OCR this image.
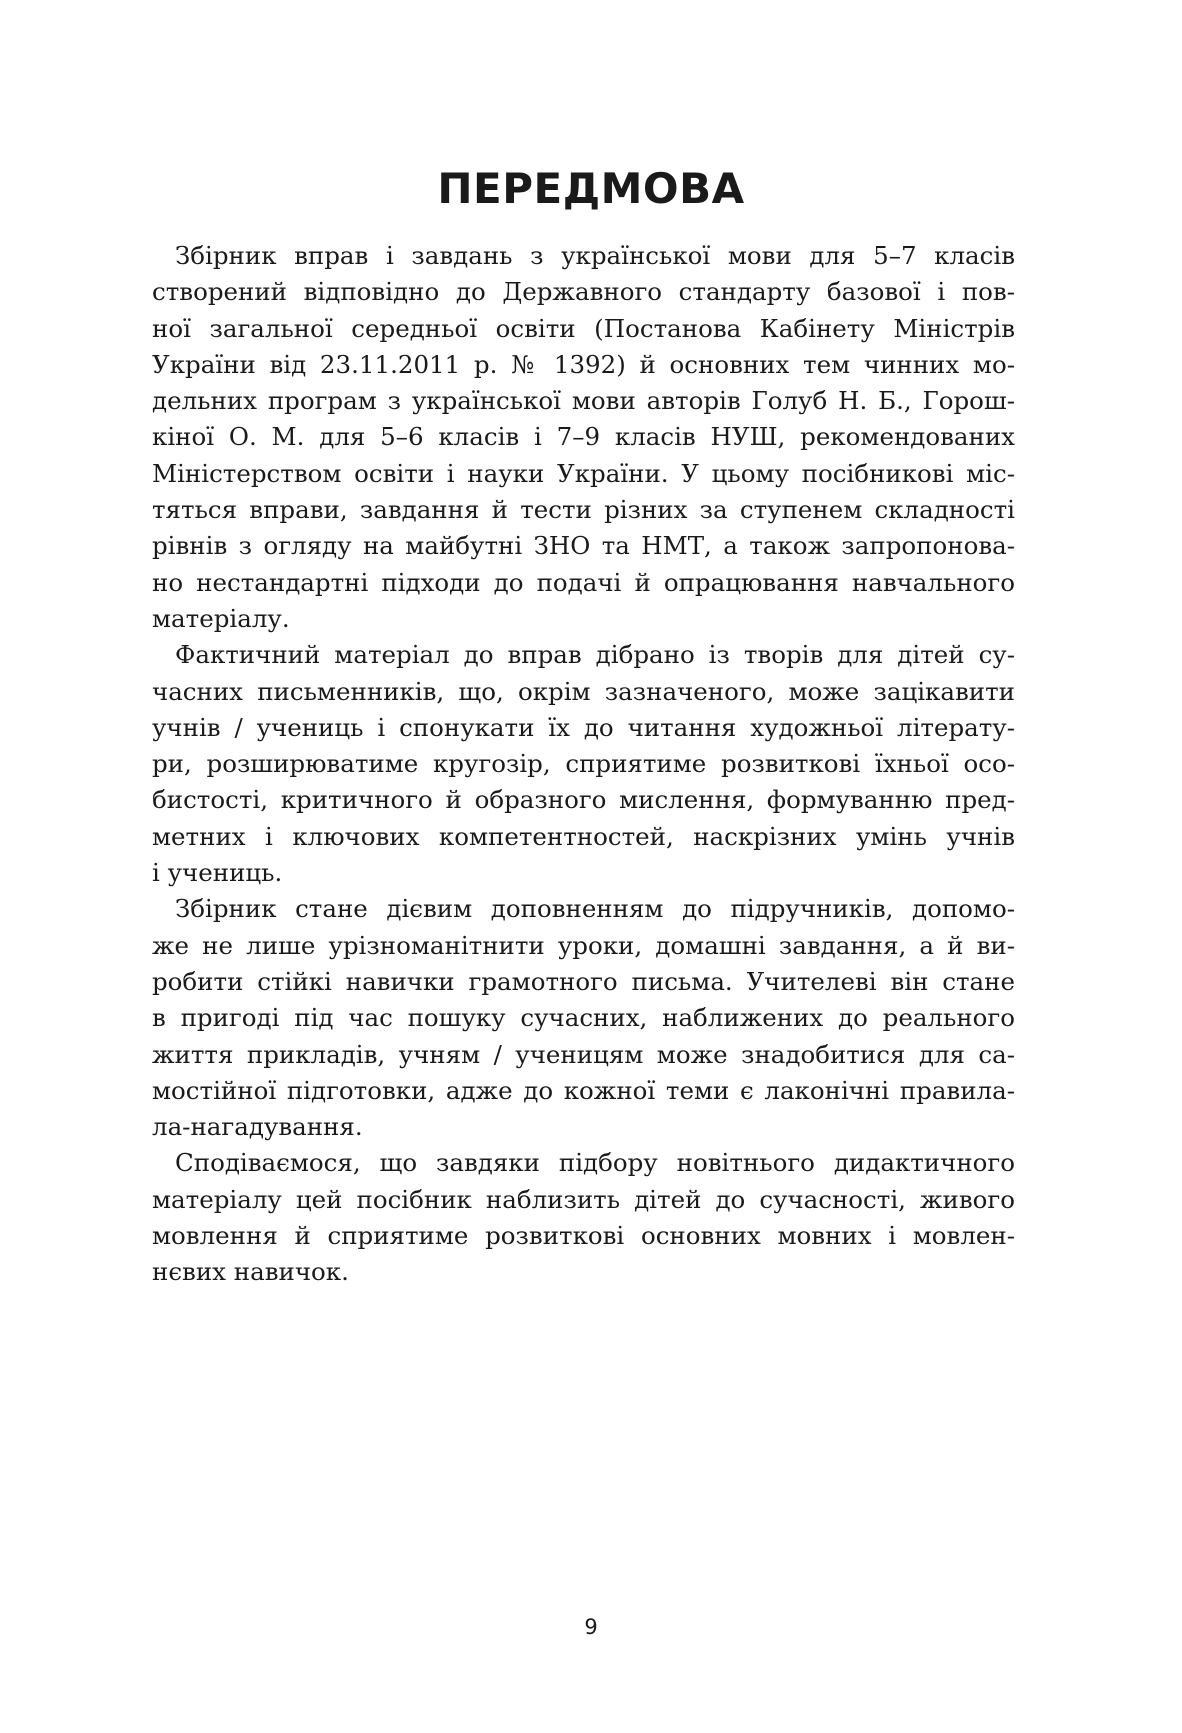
ПЕРЕДМОВА

Збірник вправ і завдань з української мови для 5–7 класів
створений відповідно до Державного стандарту базової і пов-
ної загальної середньої освіти (Постанова Кабінету Міністрів
України від 23.11.2011 р. № 1392) й основних тем чинних мо-
дельних програм з української мови авторів Голуб Н. Б., Горош-
кіної О. М. для 5–6 класів і 7–9 класів НУШ, рекомендованих
Міністерством освіти і науки України. У цьому посібникові міс-
тяться вправи, завдання й тести різних за ступенем складності
рівнів з огляду на майбутні ЗНО та НМТ, а також запропонова-
но нестандартні підходи до подачі й опрацювання навчального
матеріалу.

Фактичний матеріал до вправ дібрано із творів для дітей су-
часних письменників, що, окрім зазначеного, може зацікавити
учнів / учениць і спонукати їх до читання художньої літерату-
ри, розширюватиме кругозір, сприятиме розвиткові їхньої осо-
бистості, критичного й образного мислення, формуванню пред-
метних і ключових компетентностей, наскрізних умінь учнів
і учениць.

Збірник стане дієвим доповненням до підручників, допомо-
же не лише урізноманітнити уроки, домашні завдання, а й ви-
робити стійкі навички грамотного письма. Учителеві він стане
в пригоді під час пошуку сучасних, наближених до реального
життя прикладів, учням / ученицям може знадобитися для са-
мостійної підготовки, адже до кожної теми є лаконічні правила-
ла-нагадування.

Сподіваємося, що завдяки підбору новітнього дидактичного
матеріалу цей посібник наблизить дітей до сучасності, живого
мовлення й сприятиме розвиткові основних мовних і мовлен-
нєвих навичок.

9
